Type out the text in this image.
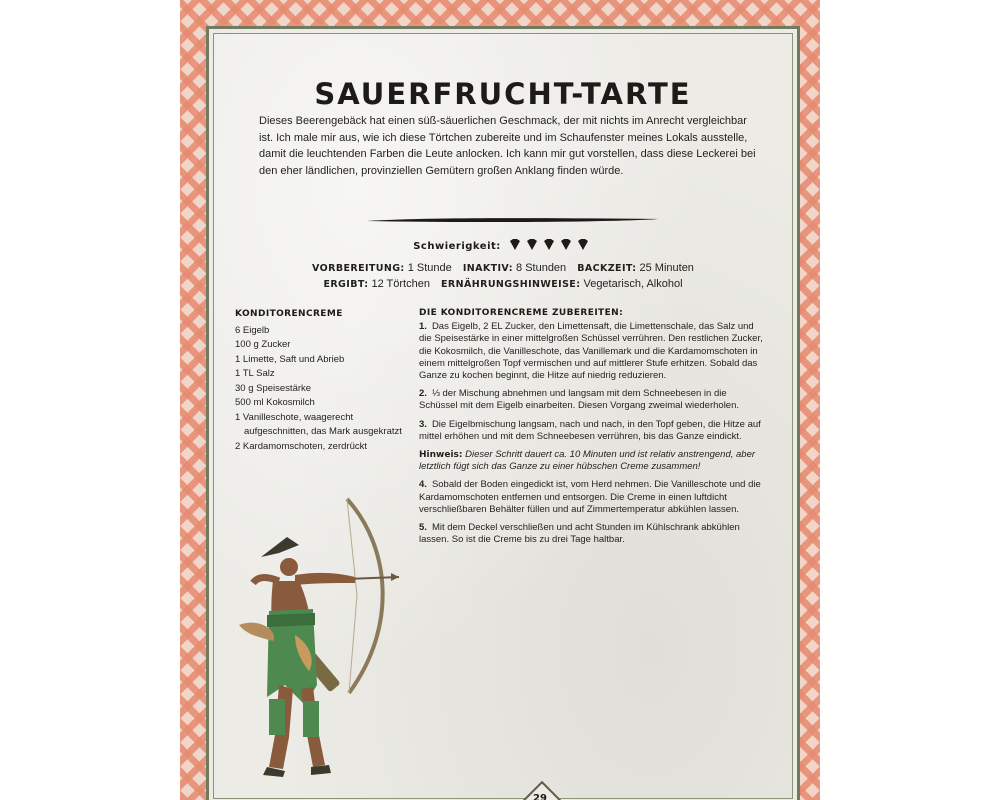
SAUERFRUCHT-TARTE
Dieses Beerengebäck hat einen süß-säuerlichen Geschmack, der mit nichts im Anrecht vergleichbar ist. Ich male mir aus, wie ich diese Törtchen zubereite und im Schaufenster meines Lokals ausstelle, damit die leuchtenden Farben die Leute anlocken. Ich kann mir gut vorstellen, dass diese Leckerei bei den eher ländlichen, provinziellen Gemütern großen Anklang finden würde.
Schwierigkeit:
VORBEREITUNG: 1 Stunde INAKTIV: 8 Stunden BACKZEIT: 25 Minuten
ERGIBT: 12 Törtchen ERNÄHRUNGSHINWEISE: Vegetarisch, Alkohol
KONDITORENCREME
6 Eigelb
100 g Zucker
1 Limette, Saft und Abrieb
1 TL Salz
30 g Speisestärke
500 ml Kokosmilch
1 Vanilleschote, waagerecht aufgeschnitten, das Mark ausgekratzt
2 Kardamomschoten, zerdrückt
DIE KONDITORENCREME ZUBEREITEN:
1. Das Eigelb, 2 EL Zucker, den Limettensaft, die Limettenschale, das Salz und die Speisestärke in einer mittelgroßen Schüssel verrühren. Den restlichen Zucker, die Kokosmilch, die Vanilleschote, das Vanillemark und die Kardamomschoten in einem mittelgroßen Topf vermischen und auf mittlerer Stufe erhitzen. Sobald das Ganze zu kochen beginnt, die Hitze auf niedrig reduzieren.
2. ⅓ der Mischung abnehmen und langsam mit dem Schneebesen in die Schüssel mit dem Eigelb einarbeiten. Diesen Vorgang zweimal wiederholen.
3. Die Eigelbmischung langsam, nach und nach, in den Topf geben, die Hitze auf mittel erhöhen und mit dem Schneebesen verrühren, bis das Ganze eindickt.
Hinweis: Dieser Schritt dauert ca. 10 Minuten und ist relativ anstrengend, aber letztlich fügt sich das Ganze zu einer hübschen Creme zusammen!
4. Sobald der Boden eingedickt ist, vom Herd nehmen. Die Vanilleschote und die Kardamomschoten entfernen und entsorgen. Die Creme in einen luftdicht verschließbaren Behälter füllen und auf Zimmertemperatur abkühlen lassen.
5. Mit dem Deckel verschließen und acht Stunden im Kühlschrank abkühlen lassen. So ist die Creme bis zu drei Tage haltbar.
29
